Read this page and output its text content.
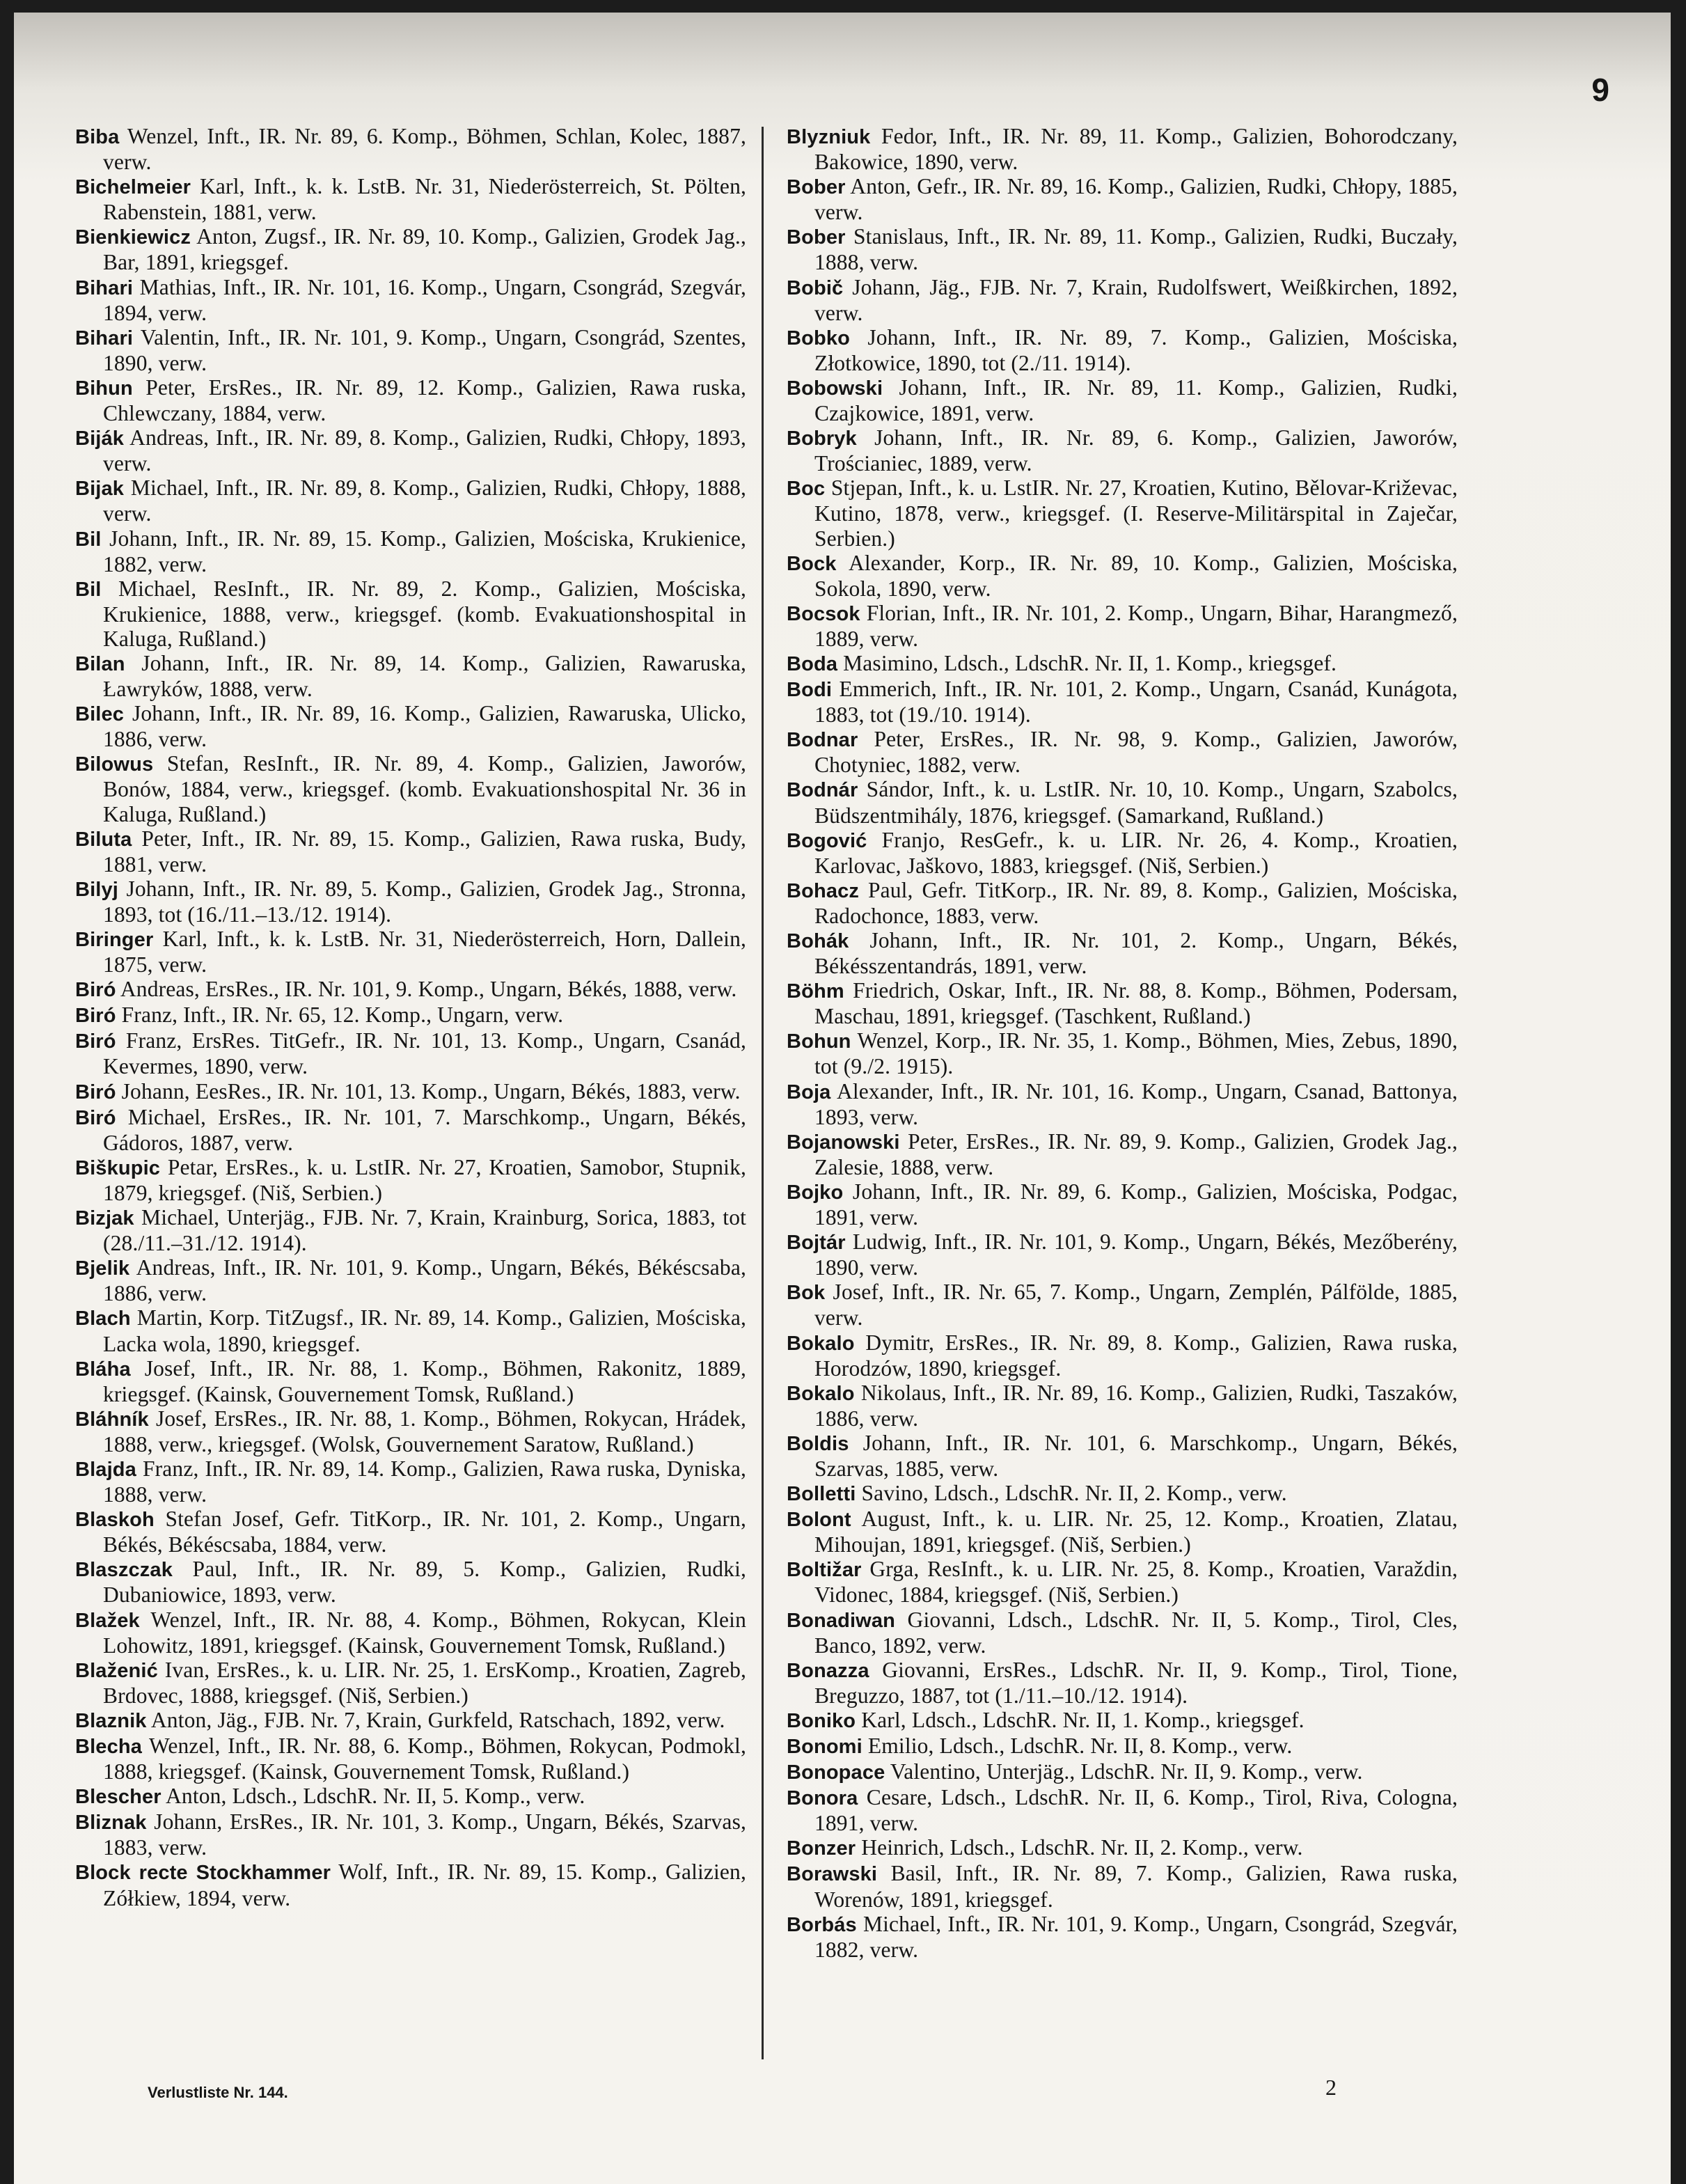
9
Biba Wenzel, Inft., IR. Nr. 89, 6. Komp., Böhmen, Schlan, Kolec, 1887, verw.
Bichelmeier Karl, Inft., k. k. LstB. Nr. 31, Niederösterreich, St. Pölten, Rabenstein, 1881, verw.
Bienkiewicz Anton, Zugsf., IR. Nr. 89, 10. Komp., Galizien, Grodek Jag., Bar, 1891, kriegsgef.
Bihari Mathias, Inft., IR. Nr. 101, 16. Komp., Ungarn, Csongrád, Szegvár, 1894, verw.
Bihari Valentin, Inft., IR. Nr. 101, 9. Komp., Ungarn, Csongrád, Szentes, 1890, verw.
Bihun Peter, ErsRes., IR. Nr. 89, 12. Komp., Galizien, Rawa ruska, Chlewczany, 1884, verw.
Biják Andreas, Inft., IR. Nr. 89, 8. Komp., Galizien, Rudki, Chłopy, 1893, verw.
Bijak Michael, Inft., IR. Nr. 89, 8. Komp., Galizien, Rudki, Chłopy, 1888, verw.
Bil Johann, Inft., IR. Nr. 89, 15. Komp., Galizien, Mościska, Krukienice, 1882, verw.
Bil Michael, ResInft., IR. Nr. 89, 2. Komp., Galizien, Mościska, Krukienice, 1888, verw., kriegsgef. (komb. Evakuationshospital in Kaluga, Rußland.)
Bilan Johann, Inft., IR. Nr. 89, 14. Komp., Galizien, Rawaruska, Ławryków, 1888, verw.
Bilec Johann, Inft., IR. Nr. 89, 16. Komp., Galizien, Rawaruska, Ulicko, 1886, verw.
Bilowus Stefan, ResInft., IR. Nr. 89, 4. Komp., Galizien, Jaworów, Bonów, 1884, verw., kriegsgef. (komb. Evakuationshospital Nr. 36 in Kaluga, Rußland.)
Biluta Peter, Inft., IR. Nr. 89, 15. Komp., Galizien, Rawa ruska, Budy, 1881, verw.
Bilyj Johann, Inft., IR. Nr. 89, 5. Komp., Galizien, Grodek Jag., Stronna, 1893, tot (16./11.–13./12. 1914).
Biringer Karl, Inft., k. k. LstB. Nr. 31, Niederösterreich, Horn, Dallein, 1875, verw.
Biró Andreas, ErsRes., IR. Nr. 101, 9. Komp., Ungarn, Békés, 1888, verw.
Biró Franz, Inft., IR. Nr. 65, 12. Komp., Ungarn, verw.
Biró Franz, ErsRes. TitGefr., IR. Nr. 101, 13. Komp., Ungarn, Csanád, Kevermes, 1890, verw.
Biró Johann, EesRes., IR. Nr. 101, 13. Komp., Ungarn, Békés, 1883, verw.
Biró Michael, ErsRes., IR. Nr. 101, 7. Marschkomp., Ungarn, Békés, Gádoros, 1887, verw.
Biškupic Petar, ErsRes., k. u. LstIR. Nr. 27, Kroatien, Samobor, Stupnik, 1879, kriegsgef. (Niš, Serbien.)
Bizjak Michael, Unterjäg., FJB. Nr. 7, Krain, Krainburg, Sorica, 1883, tot (28./11.–31./12. 1914).
Bjelik Andreas, Inft., IR. Nr. 101, 9. Komp., Ungarn, Békés, Békéscsaba, 1886, verw.
Blach Martin, Korp. TitZugsf., IR. Nr. 89, 14. Komp., Galizien, Mościska, Lacka wola, 1890, kriegsgef.
Bláha Josef, Inft., IR. Nr. 88, 1. Komp., Böhmen, Rakonitz, 1889, kriegsgef. (Kainsk, Gouvernement Tomsk, Rußland.)
Bláhník Josef, ErsRes., IR. Nr. 88, 1. Komp., Böhmen, Rokycan, Hrádek, 1888, verw., kriegsgef. (Wolsk, Gouvernement Saratow, Rußland.)
Blajda Franz, Inft., IR. Nr. 89, 14. Komp., Galizien, Rawa ruska, Dyniska, 1888, verw.
Blaskoh Stefan Josef, Gefr. TitKorp., IR. Nr. 101, 2. Komp., Ungarn, Békés, Békéscsaba, 1884, verw.
Blaszczak Paul, Inft., IR. Nr. 89, 5. Komp., Galizien, Rudki, Dubaniowice, 1893, verw.
Blažek Wenzel, Inft., IR. Nr. 88, 4. Komp., Böhmen, Rokycan, Klein Lohowitz, 1891, kriegsgef. (Kainsk, Gouvernement Tomsk, Rußland.)
Blaženić Ivan, ErsRes., k. u. LIR. Nr. 25, 1. ErsKomp., Kroatien, Zagreb, Brdovec, 1888, kriegsgef. (Niš, Serbien.)
Blaznik Anton, Jäg., FJB. Nr. 7, Krain, Gurkfeld, Ratschach, 1892, verw.
Blecha Wenzel, Inft., IR. Nr. 88, 6. Komp., Böhmen, Rokycan, Podmokl, 1888, kriegsgef. (Kainsk, Gouvernement Tomsk, Rußland.)
Blescher Anton, Ldsch., LdschR. Nr. II, 5. Komp., verw.
Bliznak Johann, ErsRes., IR. Nr. 101, 3. Komp., Ungarn, Békés, Szarvas, 1883, verw.
Block recte Stockhammer Wolf, Inft., IR. Nr. 89, 15. Komp., Galizien, Zółkiew, 1894, verw.
Blyzniuk Fedor, Inft., IR. Nr. 89, 11. Komp., Galizien, Bohorodczany, Bakowice, 1890, verw.
Bober Anton, Gefr., IR. Nr. 89, 16. Komp., Galizien, Rudki, Chłopy, 1885, verw.
Bober Stanislaus, Inft., IR. Nr. 89, 11. Komp., Galizien, Rudki, Buczały, 1888, verw.
Bobič Johann, Jäg., FJB. Nr. 7, Krain, Rudolfswert, Weißkirchen, 1892, verw.
Bobko Johann, Inft., IR. Nr. 89, 7. Komp., Galizien, Mościska, Złotkowice, 1890, tot (2./11. 1914).
Bobowski Johann, Inft., IR. Nr. 89, 11. Komp., Galizien, Rudki, Czajkowice, 1891, verw.
Bobryk Johann, Inft., IR. Nr. 89, 6. Komp., Galizien, Jaworów, Trościaniec, 1889, verw.
Boc Stjepan, Inft., k. u. LstIR. Nr. 27, Kroatien, Kutino, Bělovar-Križevac, Kutino, 1878, verw., kriegsgef. (I. Reserve-Militärspital in Zaječar, Serbien.)
Bock Alexander, Korp., IR. Nr. 89, 10. Komp., Galizien, Mościska, Sokola, 1890, verw.
Bocsok Florian, Inft., IR. Nr. 101, 2. Komp., Ungarn, Bihar, Harangmező, 1889, verw.
Boda Masimino, Ldsch., LdschR. Nr. II, 1. Komp., kriegsgef.
Bodi Emmerich, Inft., IR. Nr. 101, 2. Komp., Ungarn, Csanád, Kunágota, 1883, tot (19./10. 1914).
Bodnar Peter, ErsRes., IR. Nr. 98, 9. Komp., Galizien, Jaworów, Chotyniec, 1882, verw.
Bodnár Sándor, Inft., k. u. LstIR. Nr. 10, 10. Komp., Ungarn, Szabolcs, Büdszentmihály, 1876, kriegsgef. (Samarkand, Rußland.)
Bogović Franjo, ResGefr., k. u. LIR. Nr. 26, 4. Komp., Kroatien, Karlovac, Jaškovo, 1883, kriegsgef. (Niš, Serbien.)
Bohacz Paul, Gefr. TitKorp., IR. Nr. 89, 8. Komp., Galizien, Mościska, Radochonce, 1883, verw.
Bohák Johann, Inft., IR. Nr. 101, 2. Komp., Ungarn, Békés, Békésszentandrás, 1891, verw.
Böhm Friedrich, Oskar, Inft., IR. Nr. 88, 8. Komp., Böhmen, Podersam, Maschau, 1891, kriegsgef. (Taschkent, Rußland.)
Bohun Wenzel, Korp., IR. Nr. 35, 1. Komp., Böhmen, Mies, Zebus, 1890, tot (9./2. 1915).
Boja Alexander, Inft., IR. Nr. 101, 16. Komp., Ungarn, Csanad, Battonya, 1893, verw.
Bojanowski Peter, ErsRes., IR. Nr. 89, 9. Komp., Galizien, Grodek Jag., Zalesie, 1888, verw.
Bojko Johann, Inft., IR. Nr. 89, 6. Komp., Galizien, Mościska, Podgac, 1891, verw.
Bojtár Ludwig, Inft., IR. Nr. 101, 9. Komp., Ungarn, Békés, Mezőberény, 1890, verw.
Bok Josef, Inft., IR. Nr. 65, 7. Komp., Ungarn, Zemplén, Pálfölde, 1885, verw.
Bokalo Dymitr, ErsRes., IR. Nr. 89, 8. Komp., Galizien, Rawa ruska, Horodzów, 1890, kriegsgef.
Bokalo Nikolaus, Inft., IR. Nr. 89, 16. Komp., Galizien, Rudki, Taszaków, 1886, verw.
Boldis Johann, Inft., IR. Nr. 101, 6. Marschkomp., Ungarn, Békés, Szarvas, 1885, verw.
Bolletti Savino, Ldsch., LdschR. Nr. II, 2. Komp., verw.
Bolont August, Inft., k. u. LIR. Nr. 25, 12. Komp., Kroatien, Zlatau, Mihoujan, 1891, kriegsgef. (Niš, Serbien.)
Boltižar Grga, ResInft., k. u. LIR. Nr. 25, 8. Komp., Kroatien, Varaždin, Vidonec, 1884, kriegsgef. (Niš, Serbien.)
Bonadiwan Giovanni, Ldsch., LdschR. Nr. II, 5. Komp., Tirol, Cles, Banco, 1892, verw.
Bonazza Giovanni, ErsRes., LdschR. Nr. II, 9. Komp., Tirol, Tione, Breguzzo, 1887, tot (1./11.–10./12. 1914).
Boniko Karl, Ldsch., LdschR. Nr. II, 1. Komp., kriegsgef.
Bonomi Emilio, Ldsch., LdschR. Nr. II, 8. Komp., verw.
Bonopace Valentino, Unterjäg., LdschR. Nr. II, 9. Komp., verw.
Bonora Cesare, Ldsch., LdschR. Nr. II, 6. Komp., Tirol, Riva, Cologna, 1891, verw.
Bonzer Heinrich, Ldsch., LdschR. Nr. II, 2. Komp., verw.
Borawski Basil, Inft., IR. Nr. 89, 7. Komp., Galizien, Rawa ruska, Worenów, 1891, kriegsgef.
Borbás Michael, Inft., IR. Nr. 101, 9. Komp., Ungarn, Csongrád, Szegvár, 1882, verw.
Verlustliste Nr. 144.	2
